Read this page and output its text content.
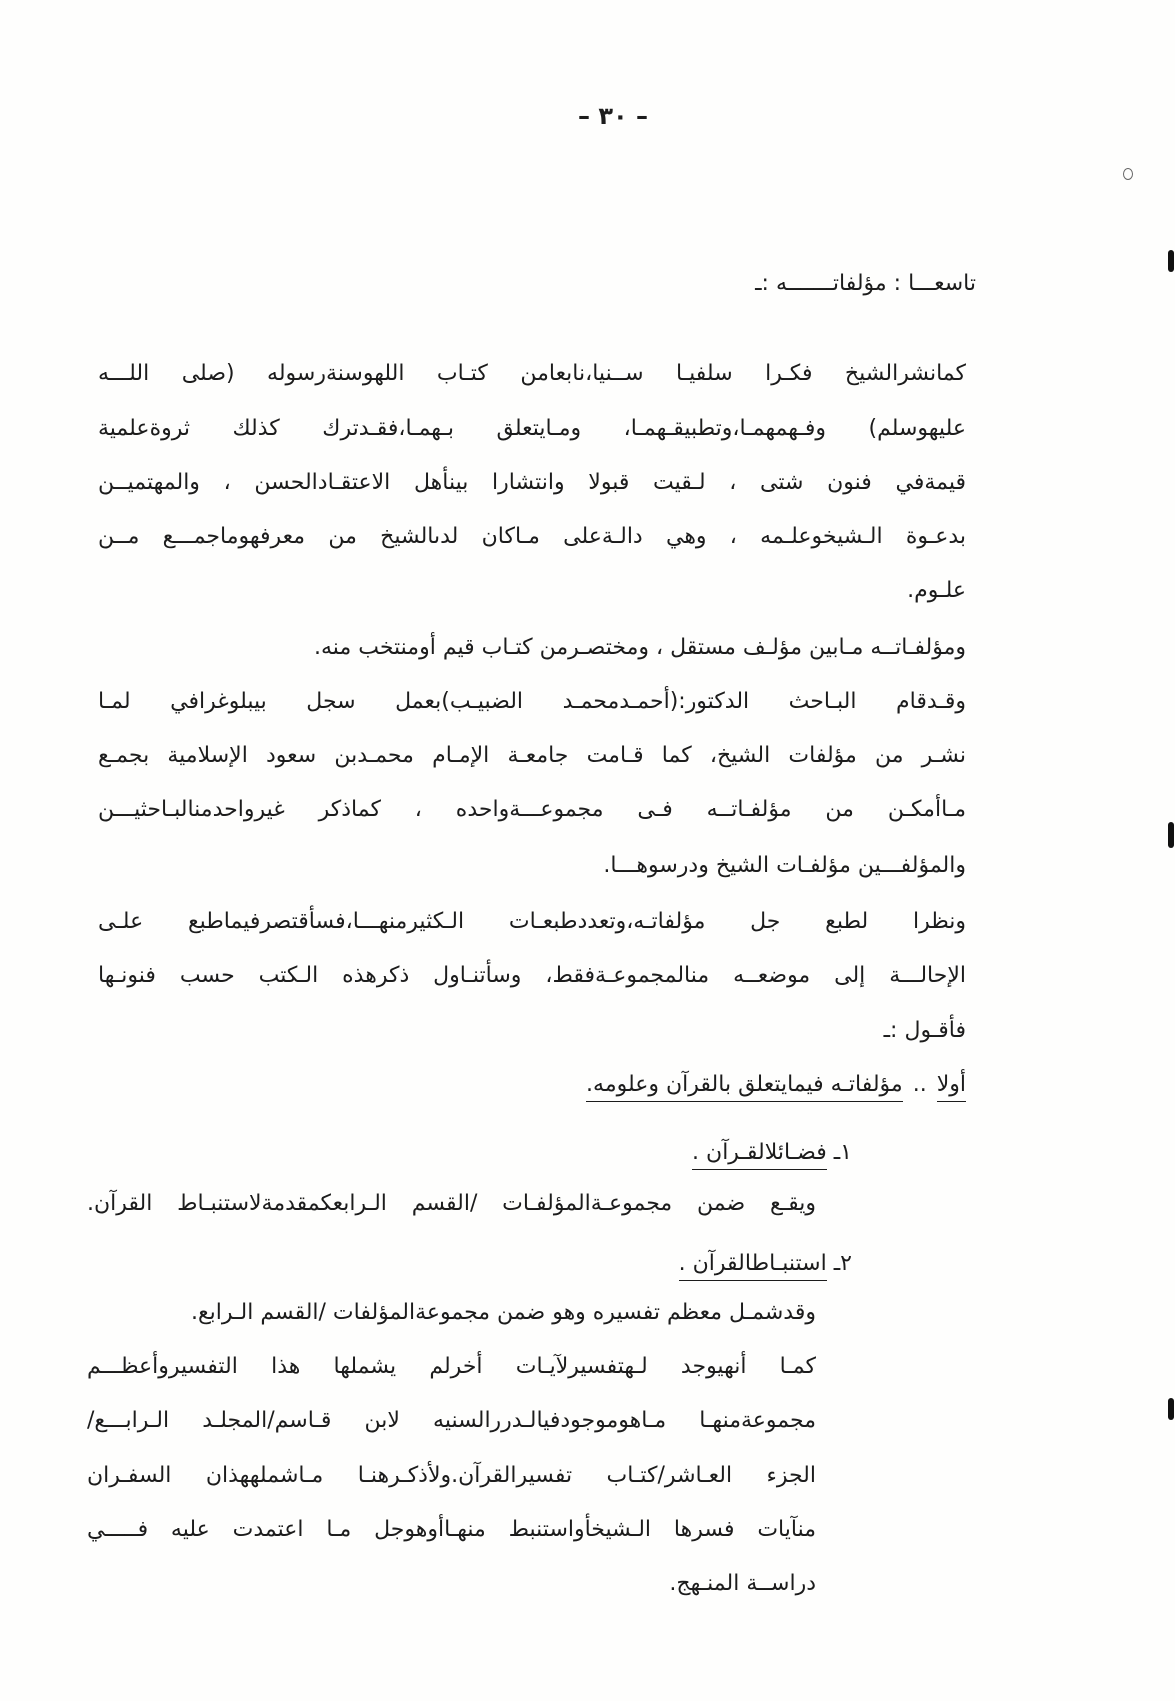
– ٣٠ –
تاسعـــا : مؤلفاتـــــــه :ـ
كمانشرالشيخ فكـرا سلفيـا ســنيا،نابعامن كتـاب اللهوسنةرسوله (صلى اللـــه
عليهوسلم) وفـهمهمـا،وتطبيقـهمـا، ومـايتعلق بـهمـا،فقـدترك كذلك ثروةعلمية
قيمةفي فنون شتى ، لـقيت قبولا وانتشارا بينأهل الاعتقـادالحسن ، والمهتميــن
بدعـوة الـشيخوعلـمه ، وهي دالـةعلى مـاكان لدىالشيخ من معرفهوماجمـــع مــن
علـوم.
ومؤلفـاتــه مـابين مؤلـف مستقل ، ومختصـرمن كتـاب قيم أومنتخب منه.
وقـدقام البـاحث الدكتور:(أحمـدمحمـد الضبيـب)بعمل سجل بيبلوغرافي لمـا
نشـر من مؤلفات الشيخ، كما قـامت جامعـة الإمـام محمـدبن سعود الإسلامية بجمـع
مـاأمكـن من مؤلفـاتــه فـى مجموعـــةواحده ، كماذكر غيرواحدمنالبـاحثيـــن
والمؤلفـــين مؤلفـات الشيخ ودرسوهـــا.
ونظرا لطبع جل مؤلفاتـه،وتعددطبعـات الـكثيرمنهـــا،فسأقتصرفيماطبع علـى
الإحالـــة إلى موضعــه منالمجموعـةفقط، وسأتنـاول ذكرهذه الـكتب حسب فنونـها
فأقـول :ـ
أولا..مؤلفاتـه فيمايتعلق بالقرآن وعلومه.
١ـ فضـائلالقـرآن .
ويقـع ضمن مجموعـةالمؤلفـات /القسم الـرابعكمقدمةلاستنبـاط القرآن.
٢ـ استنبـاطالقرآن .
وقدشمـل معظم تفسيره وهو ضمن مجموعةالمؤلفات /القسم الـرابع.
كمـا أنهيوجد لـهتفسيرلآيـات أخرلم يشملها هذا التفسيروأعظـــم
مجموعةمنهـا مـاهوموجودفيالـدررالسنيه لابن قـاسم/المجلـد الـرابـــع/
الجزء العـاشر/كتـاب تفسيرالقرآن.ولأذكـرهنـا مـاشملههذان السفـران
منآيات فسرها الـشيخأواستنبط منهـاأوهوجل مـا اعتمدت عليه فـــــي
دراســة المنـهج.
